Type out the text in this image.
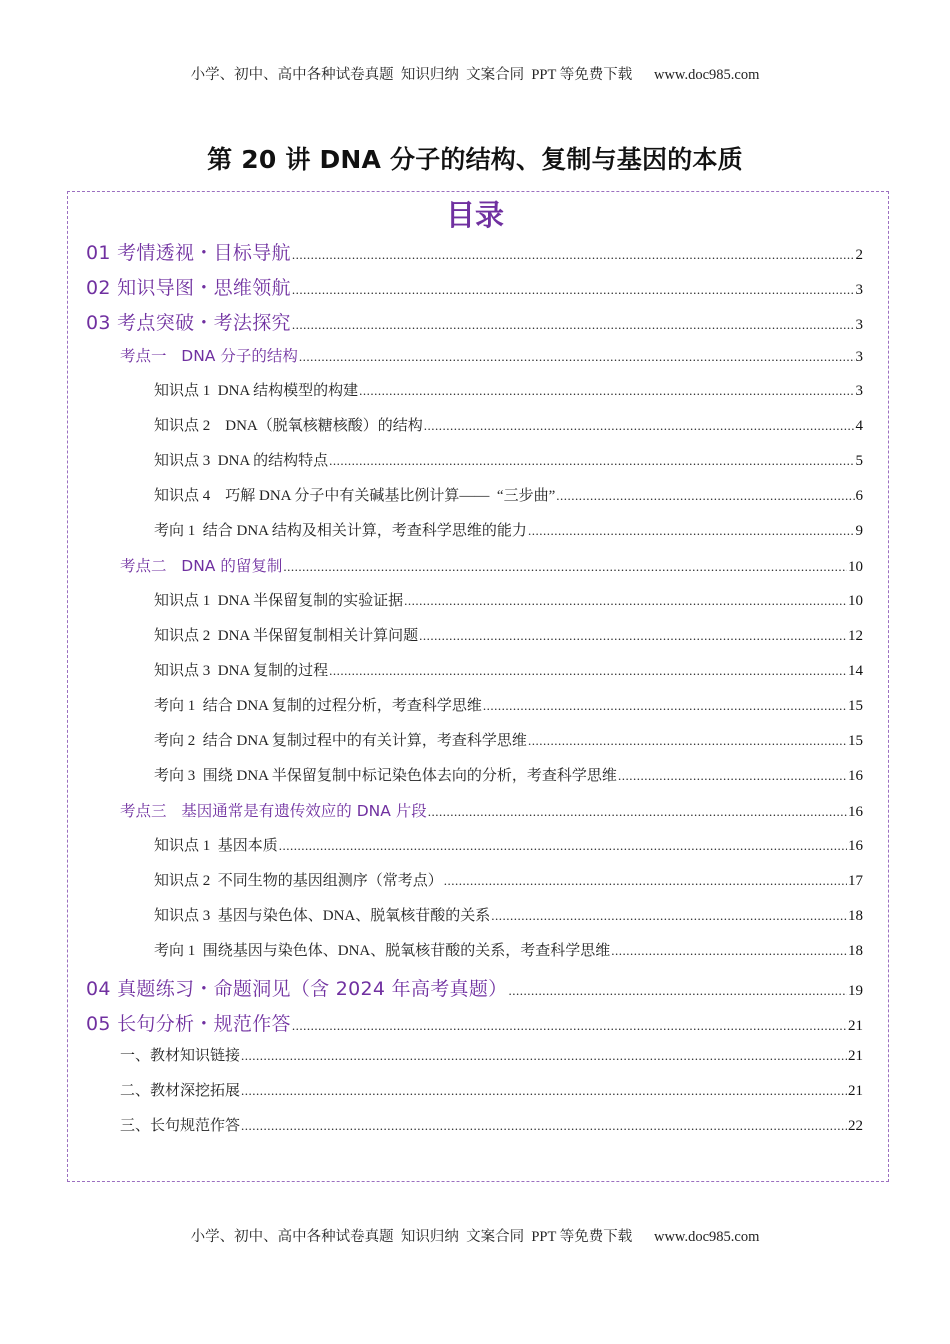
小学、初中、高中各种试卷真题  知识归纳  文案合同  PPT 等免费下载      www.doc985.com
第 20 讲 DNA 分子的结构、复制与基因的本质
目录
01 考情透视・目标导航 .....	2
02 知识导图・思维领航 .....	3
03 考点突破・考法探究 .....	3
考点一   DNA 分子的结构 .....	3
知识点 1  DNA 结构模型的构建 .....	3
知识点 2    DNA（脱氧核糖核酸）的结构 .....	4
知识点 3  DNA 的结构特点 .....	5
知识点 4    巧解 DNA 分子中有关碱基比例计算——  “三步曲” .....	6
考向 1  结合 DNA 结构及相关计算，考查科学思维的能力 .....	9
考点二   DNA 的留复制 .....	10
知识点 1  DNA 半保留复制的实验证据 .....	10
知识点 2  DNA 半保留复制相关计算问题 .....	12
知识点 3  DNA 复制的过程 .....	14
考向 1  结合 DNA 复制的过程分析，考查科学思维 .....	15
考向 2  结合 DNA 复制过程中的有关计算，考查科学思维 .....	15
考向 3  围绕 DNA 半保留复制中标记染色体去向的分析，考查科学思维 .....	16
考点三   基因通常是有遗传效应的 DNA 片段 .....	16
知识点 1  基因本质 .....	16
知识点 2  不同生物的基因组测序（常考点） .....	17
知识点 3  基因与染色体、DNA、脱氧核苷酸的关系 .....	18
考向 1  围绕基因与染色体、DNA、脱氧核苷酸的关系，考查科学思维 .....	18
04 真题练习・命题洞见（含 2024 年高考真题） .....	19
05 长句分析・规范作答 .....	21
一、教材知识链接 .....	21
二、教材深挖拓展 .....	21
三、长句规范作答 .....	22
小学、初中、高中各种试卷真题  知识归纳  文案合同  PPT 等免费下载      www.doc985.com
